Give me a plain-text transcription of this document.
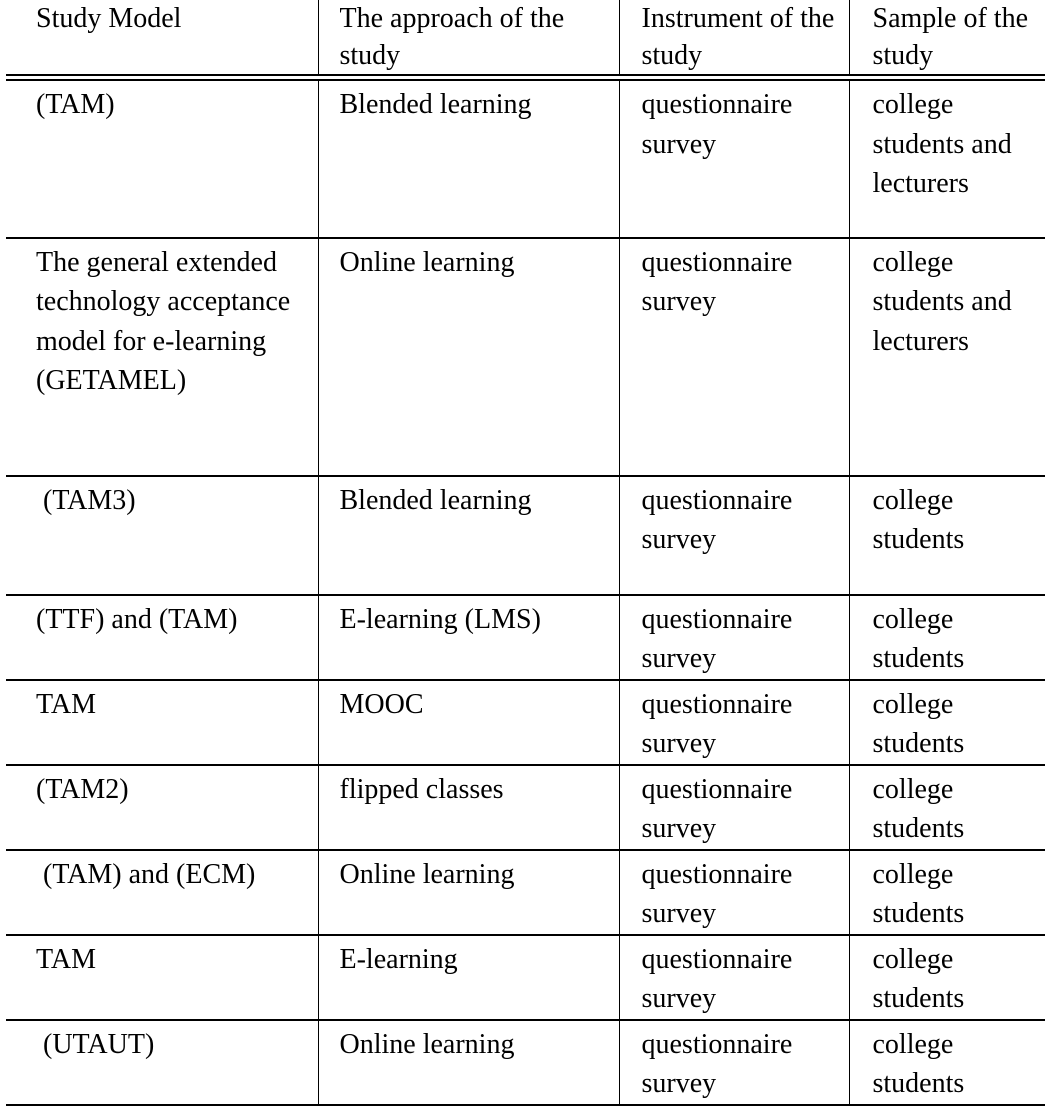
Study Model	The approach of the study	Instrument of the study	Sample of the study
(TAM)	Blended learning	questionnaire survey	college students and lecturers
The general extended technology acceptance model for e-learning (GETAMEL)	Online learning	questionnaire survey	college students and lecturers
(TAM3)	Blended learning	questionnaire survey	college students
(TTF) and (TAM)	E-learning (LMS)	questionnaire survey	college students
TAM	MOOC	questionnaire survey	college students
(TAM2)	flipped classes	questionnaire survey	college students
(TAM) and (ECM)	Online learning	questionnaire survey	college students
TAM	E-learning	questionnaire survey	college students
(UTAUT)	Online learning	questionnaire survey	college students
